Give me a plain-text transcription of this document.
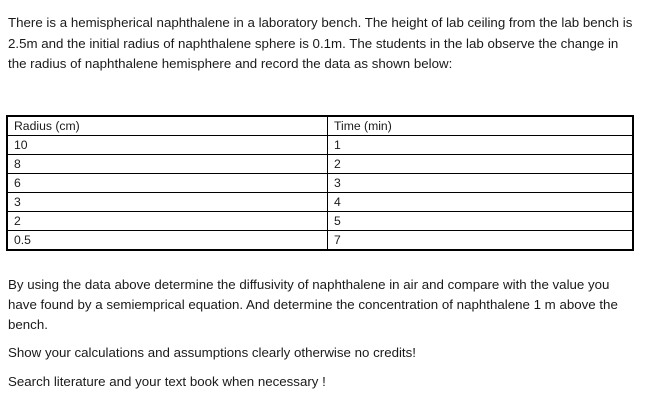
There is a hemispherical naphthalene in a laboratory bench. The height of lab ceiling from the lab bench is 2.5m and the initial radius of naphthalene sphere is 0.1m. The students in the lab observe the change in the radius of naphthalene hemisphere and record the data as shown below:

Radius (cm)	Time (min)
10	1
8	2
6	3
3	4
2	5
0.5	7

By using the data above determine the diffusivity of naphthalene in air and compare with the value you have found by a semiemprical equation. And determine the concentration of naphthalene 1 m above the bench.

Show your calculations and assumptions clearly otherwise no credits!

Search literature and your text book when necessary !
